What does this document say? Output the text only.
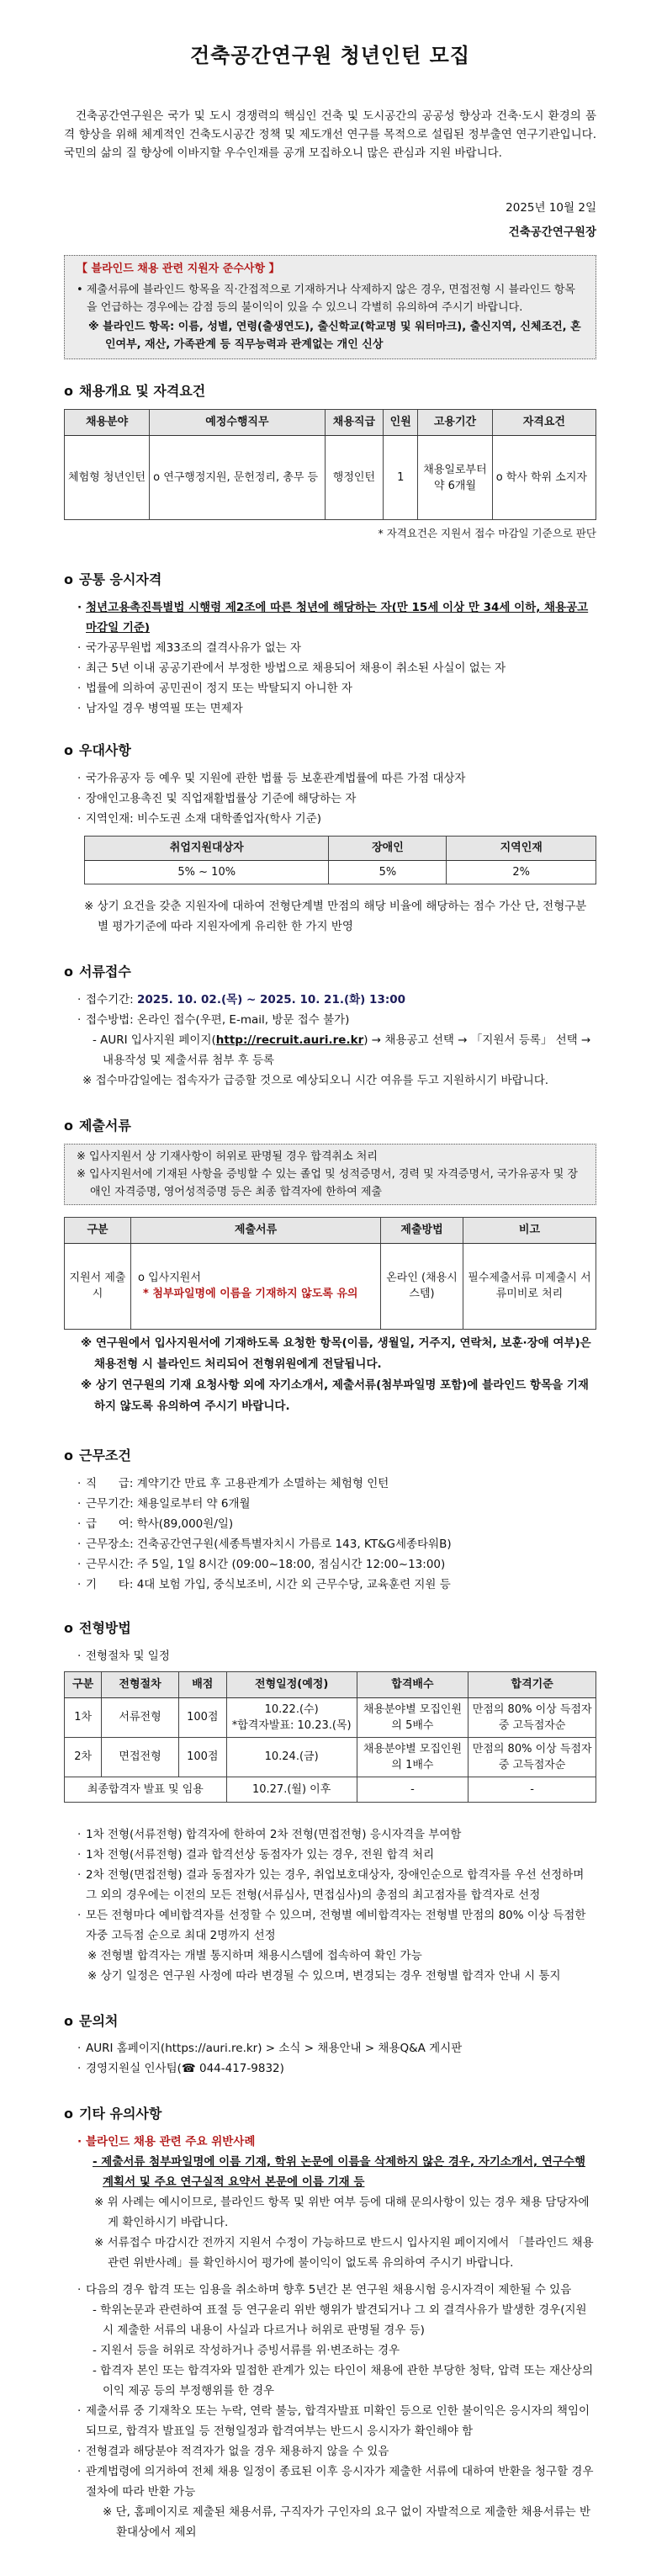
건축공간연구원 청년인턴 모집

건축공간연구원은 국가 및 도시 경쟁력의 핵심인 건축 및 도시공간의 공공성 향상과 건축·도시 환경의 품격 향상을 위해 체계적인 건축도시공간 정책 및 제도개선 연구를 목적으로 설립된 정부출연 연구기관입니다. 국민의 삶의 질 향상에 이바지할 우수인재를 공개 모집하오니 많은 관심과 지원 바랍니다.

2025년 10월 2일
건축공간연구원장
【 블라인드 채용 관련 지원자 준수사항 】
• 제출서류에 블라인드 항목을 직·간접적으로 기재하거나 삭제하지 않은 경우, 면접전형 시 블라인드 항목을 언급하는 경우에는 감점 등의 불이익이 있을 수 있으니 각별히 유의하여 주시기 바랍니다.
※ 블라인드 항목: 이름, 성별, 연령(출생연도), 출신학교(학교명 및 워터마크), 출신지역, 신체조건, 혼인여부, 재산, 가족관계 등 직무능력과 관계없는 개인 신상
o 채용개요 및 자격요건
채용분야	예정수행직무	채용직급	인원	고용기간	자격요건
체험형 청년인턴	o 연구행정지원, 문헌정리, 총무 등	행정인턴	1	채용일로부터 약 6개월	o 학사 학위 소지자
* 자격요건은 지원서 접수 마감일 기준으로 판단
o 공통 응시자격
· 청년고용촉진특별법 시행령 제2조에 따른 청년에 해당하는 자(만 15세 이상 만 34세 이하, 채용공고 마감일 기준)
· 국가공무원법 제33조의 결격사유가 없는 자
· 최근 5년 이내 공공기관에서 부정한 방법으로 채용되어 채용이 취소된 사실이 없는 자
· 법률에 의하여 공민권이 정지 또는 박탈되지 아니한 자
· 남자일 경우 병역필 또는 면제자
o 우대사항
· 국가유공자 등 예우 및 지원에 관한 법률 등 보훈관계법률에 따른 가점 대상자
· 장애인고용촉진 및 직업재활법률상 기준에 해당하는 자
· 지역인재: 비수도권 소재 대학졸업자(학사 기준)
취업지원대상자	장애인	지역인재
5% ~ 10%	5%	2%
※ 상기 요건을 갖춘 지원자에 대하여 전형단계별 만점의 해당 비율에 해당하는 점수 가산 단, 전형구분별 평가기준에 따라 지원자에게 유리한 한 가지 반영
o 서류접수
· 접수기간: 2025. 10. 02.(목) ~ 2025. 10. 21.(화) 13:00
· 접수방법: 온라인 접수(우편, E-mail, 방문 접수 불가)
- AURI 입사지원 페이지(http://recruit.auri.re.kr) → 채용공고 선택 → 「지원서 등록」 선택 → 내용작성 및 제출서류 첨부 후 등록
※ 접수마감일에는 접속자가 급증할 것으로 예상되오니 시간 여유를 두고 지원하시기 바랍니다.
o 제출서류
※ 입사지원서 상 기재사항이 허위로 판명될 경우 합격취소 처리
※ 입사지원서에 기재된 사항을 증빙할 수 있는 졸업 및 성적증명서, 경력 및 자격증명서, 국가유공자 및 장애인 자격증명, 영어성적증명 등은 최종 합격자에 한하여 제출
구분	제출서류	제출방법	비고
지원서 제출 시	o 입사지원서
* 첨부파일명에 이름을 기재하지 않도록 유의	온라인 (채용시스템)	필수제출서류 미제출시 서류미비로 처리
※ 연구원에서 입사지원서에 기재하도록 요청한 항목(이름, 생월일, 거주지, 연락처, 보훈·장애 여부)은 채용전형 시 블라인드 처리되어 전형위원에게 전달됩니다.
※ 상기 연구원의 기재 요청사항 외에 자기소개서, 제출서류(첨부파일명 포함)에 블라인드 항목을 기재하지 않도록 유의하여 주시기 바랍니다.
o 근무조건
· 직      급: 계약기간 만료 후 고용관계가 소멸하는 체험형 인턴
· 근무기간: 채용일로부터 약 6개월
· 급      여: 학사(89,000원/일)
· 근무장소: 건축공간연구원(세종특별자치시 가름로 143, KT&G세종타워B)
· 근무시간: 주 5일, 1일 8시간 (09:00~18:00, 점심시간 12:00~13:00)
· 기      타: 4대 보험 가입, 중식보조비, 시간 외 근무수당, 교육훈련 지원 등
o 전형방법
· 전형절차 및 일정
구분	전형절차	배점	전형일정(예정)	합격배수	합격기준
1차	서류전형	100점	10.22.(수)
*합격자발표: 10.23.(목)	채용분야별 모집인원의 5배수	만점의 80% 이상 득점자 중 고득점자순
2차	면접전형	100점	10.24.(금)	채용분야별 모집인원의 1배수	만점의 80% 이상 득점자 중 고득점자순
최종합격자 발표 및 임용			10.27.(월) 이후	-	-
· 1차 전형(서류전형) 합격자에 한하여 2차 전형(면접전형) 응시자격을 부여함
· 1차 전형(서류전형) 결과 합격선상 동점자가 있는 경우, 전원 합격 처리
· 2차 전형(면접전형) 결과 동점자가 있는 경우, 취업보호대상자, 장애인순으로 합격자를 우선 선정하며 그 외의 경우에는 이전의 모든 전형(서류심사, 면접심사)의 총점의 최고점자를 합격자로 선정
· 모든 전형마다 예비합격자를 선정할 수 있으며, 전형별 예비합격자는 전형별 만점의 80% 이상 득점한 자중 고득점 순으로 최대 2명까지 선정
※ 전형별 합격자는 개별 통지하며 채용시스템에 접속하여 확인 가능
※ 상기 일정은 연구원 사정에 따라 변경될 수 있으며, 변경되는 경우 전형별 합격자 안내 시 통지
o 문의처
· AURI 홈페이지(https://auri.re.kr) > 소식 > 채용안내 > 채용Q&A 게시판
· 경영지원실 인사팀(☎ 044-417-9832)
o 기타 유의사항
· 블라인드 채용 관련 주요 위반사례
- 제출서류 첨부파일명에 이름 기재, 학위 논문에 이름을 삭제하지 않은 경우, 자기소개서, 연구수행 계획서 및 주요 연구실적 요약서 본문에 이름 기재 등
※ 위 사례는 예시이므로, 블라인드 항목 및 위반 여부 등에 대해 문의사항이 있는 경우 채용 담당자에게 확인하시기 바랍니다.
※ 서류접수 마감시간 전까지 지원서 수정이 가능하므로 반드시 입사지원 페이지에서 「블라인드 채용 관련 위반사례」를 확인하시어 평가에 불이익이 없도록 유의하여 주시기 바랍니다.
· 다음의 경우 합격 또는 임용을 취소하며 향후 5년간 본 연구원 채용시험 응시자격이 제한될 수 있음
- 학위논문과 관련하여 표절 등 연구윤리 위반 행위가 발견되거나 그 외 결격사유가 발생한 경우(지원 시 제출한 서류의 내용이 사실과 다르거나 허위로 판명될 경우 등)
- 지원서 등을 허위로 작성하거나 증빙서류를 위·변조하는 경우
- 합격자 본인 또는 합격자와 밀접한 관계가 있는 타인이 채용에 관한 부당한 청탁, 압력 또는 재산상의 이익 제공 등의 부정행위를 한 경우
· 제출서류 중 기재착오 또는 누락, 연락 불능, 합격자발표 미확인 등으로 인한 불이익은 응시자의 책임이 되므로, 합격자 발표일 등 전형일정과 합격여부는 반드시 응시자가 확인해야 함
· 전형결과 해당분야 적격자가 없을 경우 채용하지 않을 수 있음
· 관계법령에 의거하여 전체 채용 일정이 종료된 이후 응시자가 제출한 서류에 대하여 반환을 청구할 경우 절차에 따라 반환 가능
※ 단, 홈페이지로 제출된 채용서류, 구직자가 구인자의 요구 없이 자발적으로 제출한 채용서류는 반환대상에서 제외
